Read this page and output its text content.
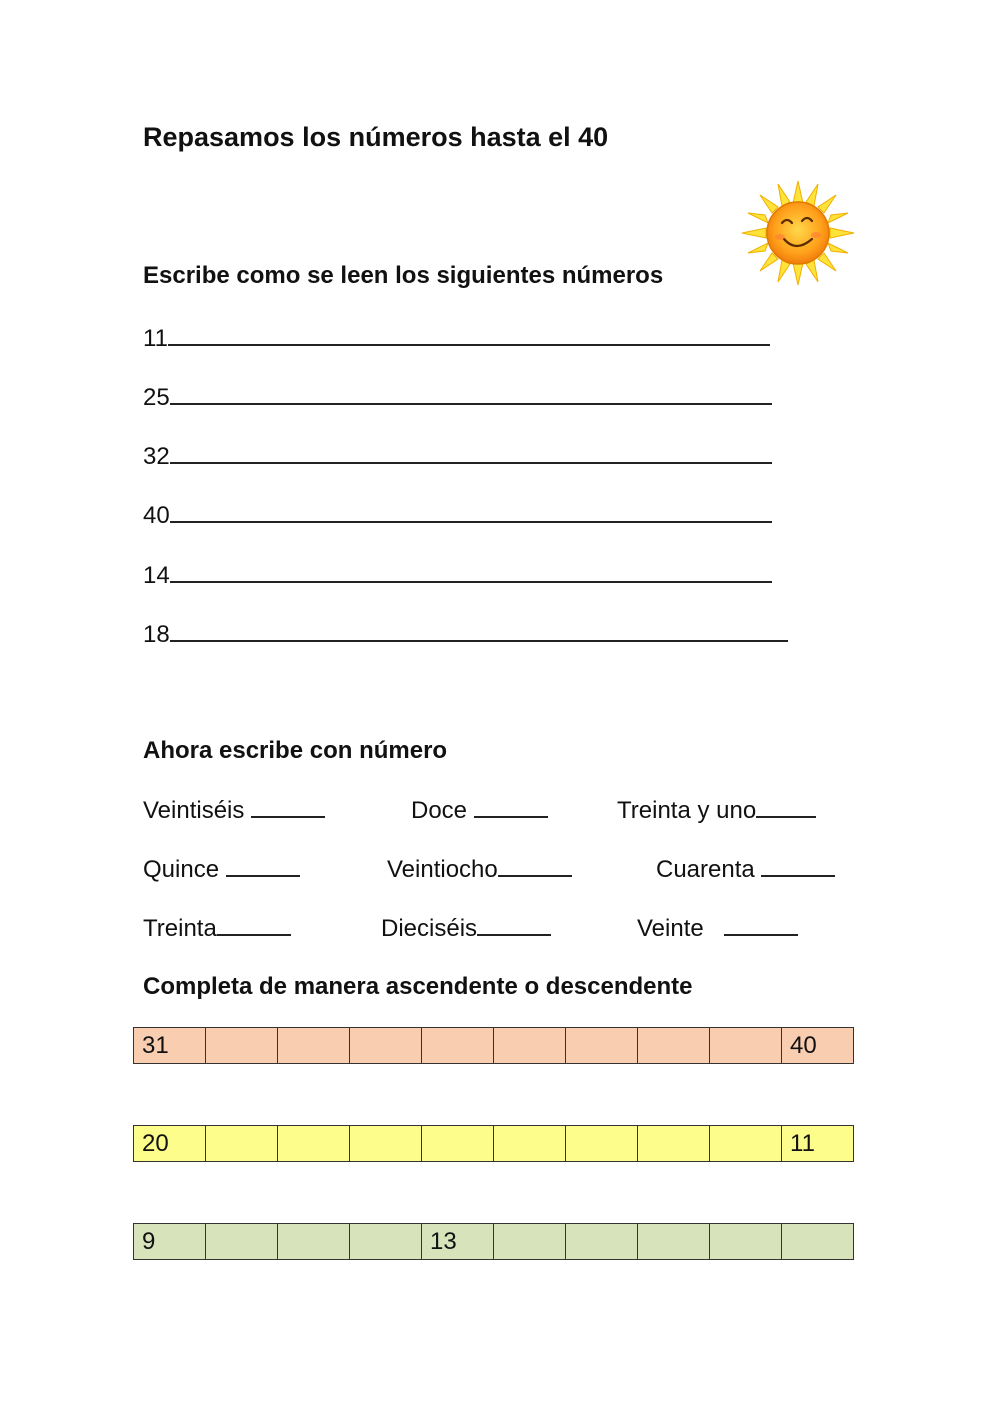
Repasamos los números hasta el 40
Escribe como se leen los siguientes números
11
25
32
40
14
18
Ahora escribe con número
Veintiséis	Doce	Treinta y uno
Quince	Veintiocho	Cuarenta
Treinta	Dieciséis	Veinte
Completa de manera ascendente o descendente
31									40
20									11
9				13					
